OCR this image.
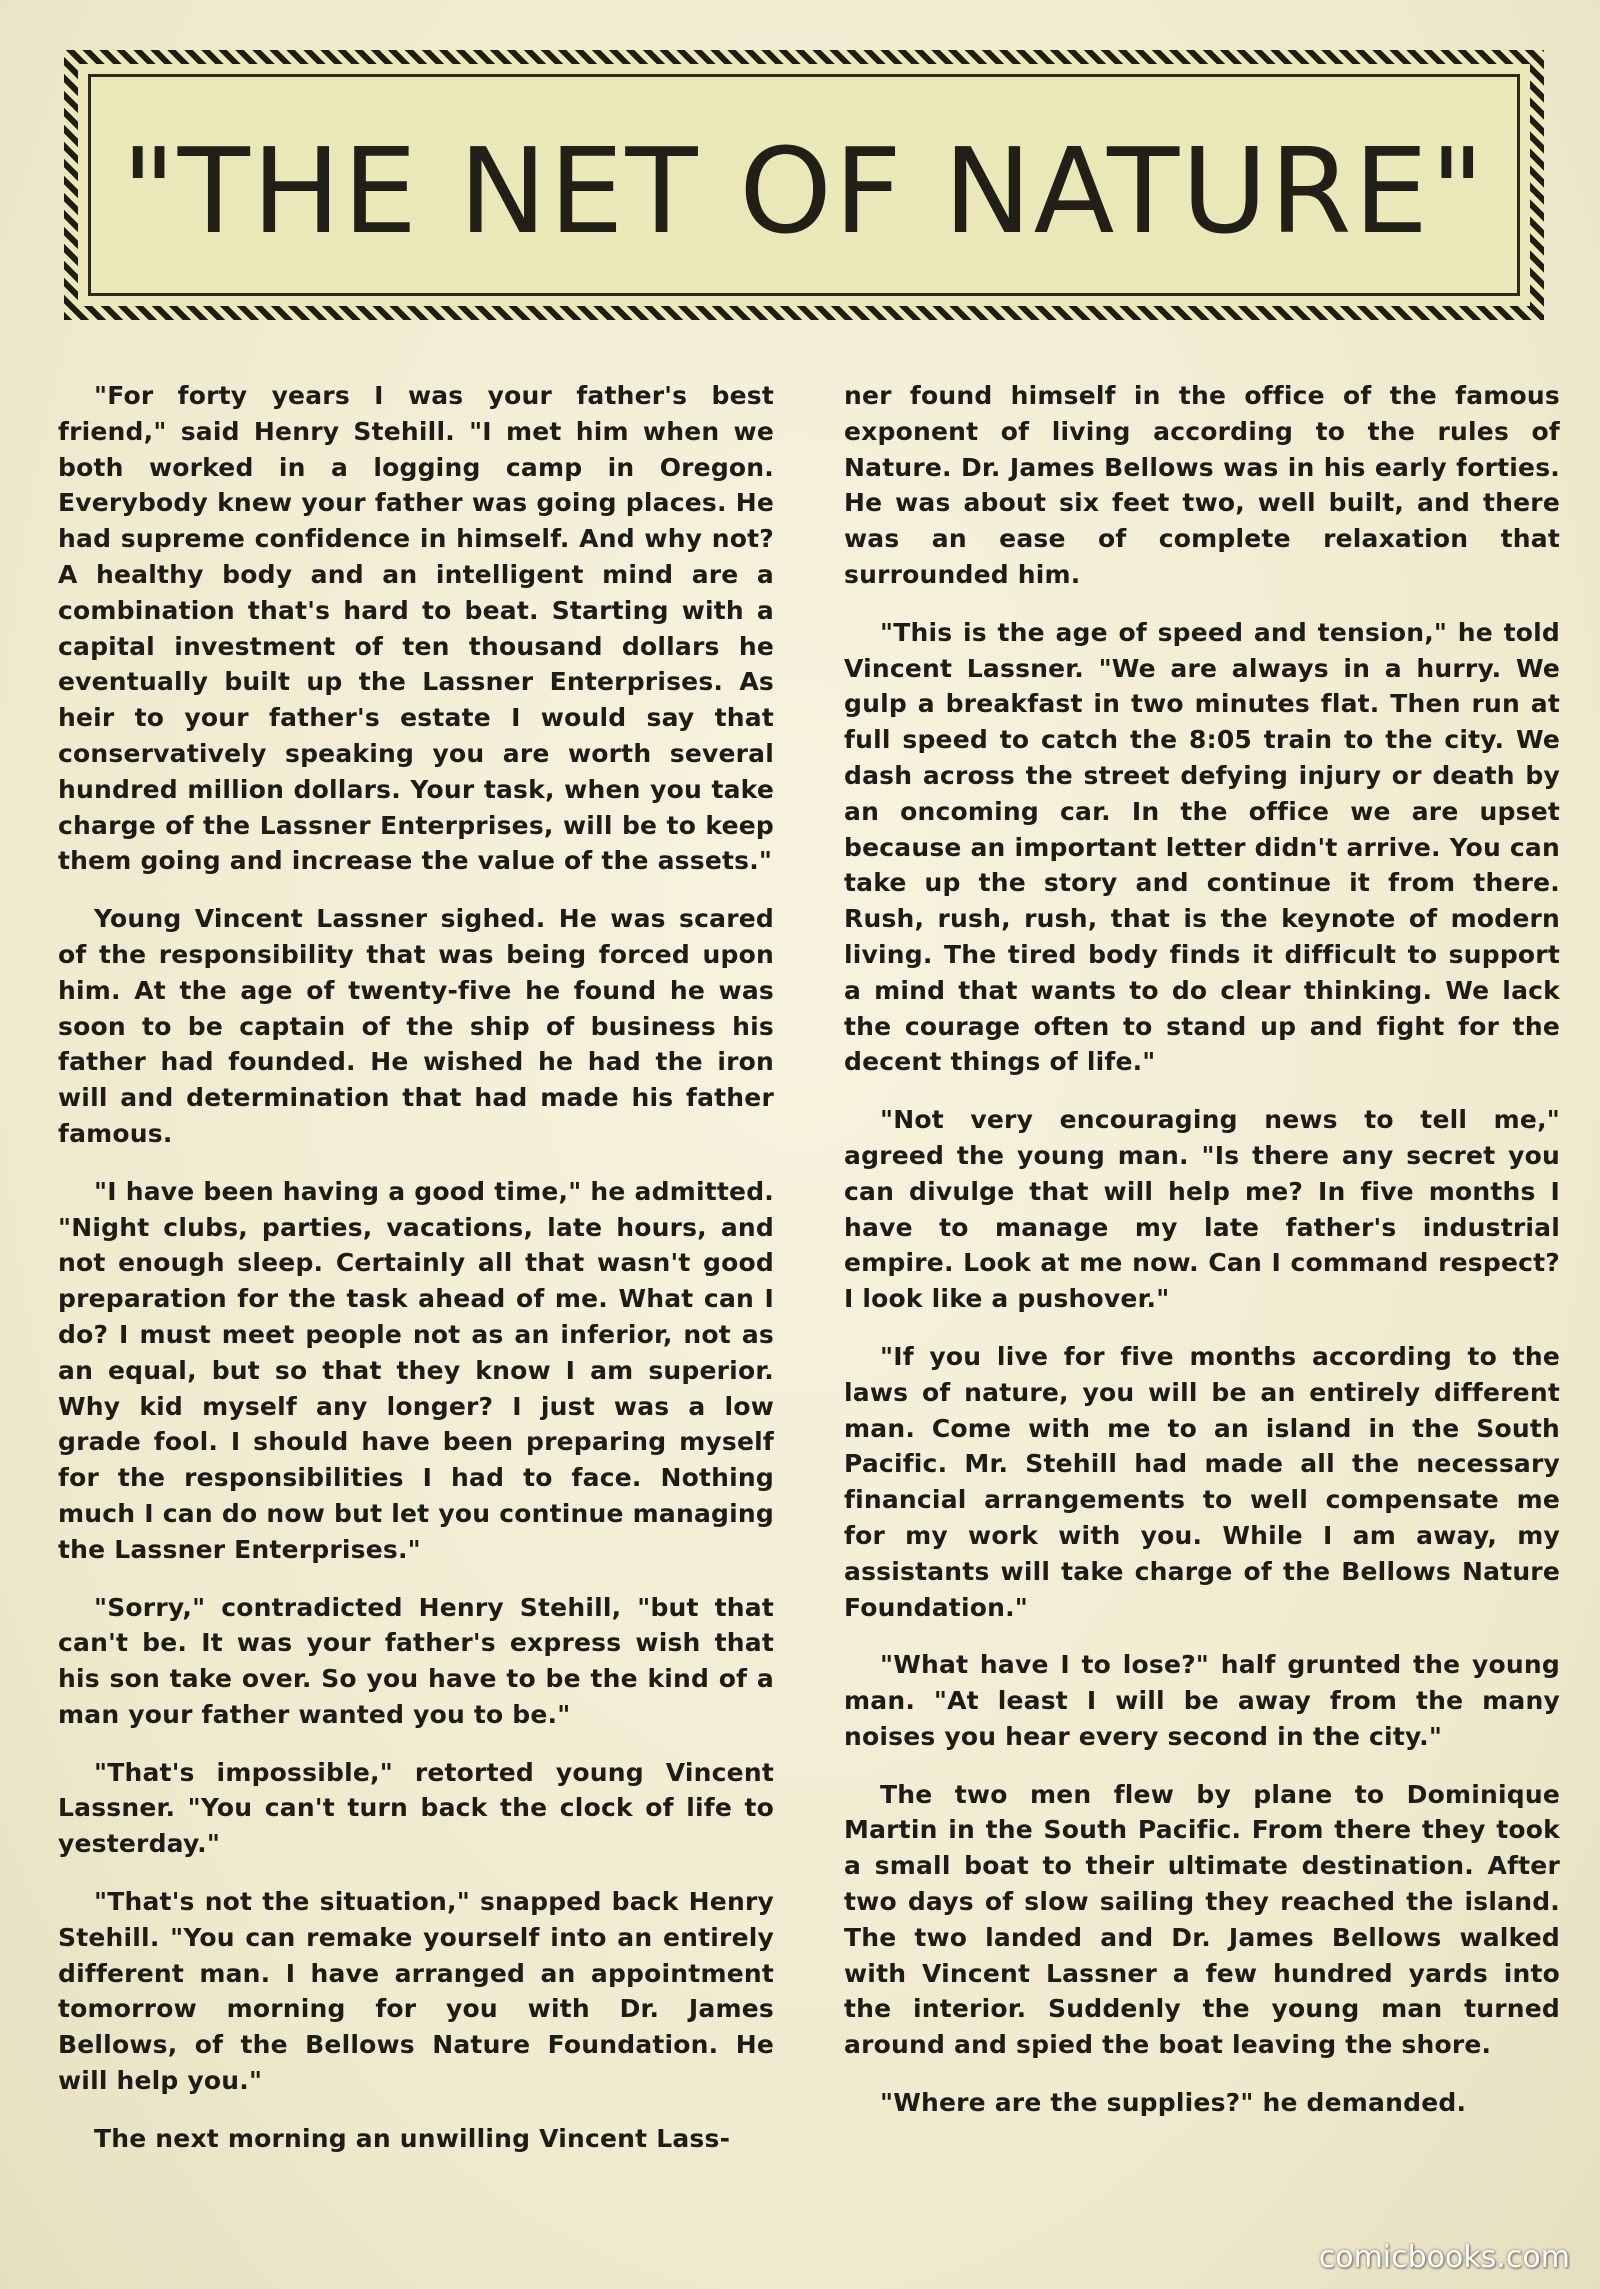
"THE NET OF NATURE"

"For forty years I was your father's best friend," said Henry Stehill. "I met him when we both worked in a logging camp in Oregon. Everybody knew your father was going places. He had supreme confidence in himself. And why not? A healthy body and an intelligent mind are a combination that's hard to beat. Starting with a capital investment of ten thousand dollars he eventually built up the Lassner Enterprises. As heir to your father's estate I would say that conservatively speaking you are worth several hundred million dollars. Your task, when you take charge of the Lassner Enterprises, will be to keep them going and increase the value of the assets."

Young Vincent Lassner sighed. He was scared of the responsibility that was being forced upon him. At the age of twenty-five he found he was soon to be captain of the ship of business his father had founded. He wished he had the iron will and determination that had made his father famous.

"I have been having a good time," he admitted. "Night clubs, parties, vacations, late hours, and not enough sleep. Certainly all that wasn't good preparation for the task ahead of me. What can I do? I must meet people not as an inferior, not as an equal, but so that they know I am superior. Why kid myself any longer? I just was a low grade fool. I should have been preparing myself for the responsibilities I had to face. Nothing much I can do now but let you continue managing the Lassner Enterprises."

"Sorry," contradicted Henry Stehill, "but that can't be. It was your father's express wish that his son take over. So you have to be the kind of a man your father wanted you to be."

"That's impossible," retorted young Vincent Lassner. "You can't turn back the clock of life to yesterday."

"That's not the situation," snapped back Henry Stehill. "You can remake yourself into an entirely different man. I have arranged an appointment tomorrow morning for you with Dr. James Bellows, of the Bellows Nature Foundation. He will help you."

The next morning an unwilling Vincent Lass-

ner found himself in the office of the famous exponent of living according to the rules of Nature. Dr. James Bellows was in his early forties. He was about six feet two, well built, and there was an ease of complete relaxation that surrounded him.

"This is the age of speed and tension," he told Vincent Lassner. "We are always in a hurry. We gulp a breakfast in two minutes flat. Then run at full speed to catch the 8:05 train to the city. We dash across the street defying injury or death by an oncoming car. In the office we are upset because an important letter didn't arrive. You can take up the story and continue it from there. Rush, rush, rush, that is the keynote of modern living. The tired body finds it difficult to support a mind that wants to do clear thinking. We lack the courage often to stand up and fight for the decent things of life."

"Not very encouraging news to tell me," agreed the young man. "Is there any secret you can divulge that will help me? In five months I have to manage my late father's industrial empire. Look at me now. Can I command respect? I look like a pushover."

"If you live for five months according to the laws of nature, you will be an entirely different man. Come with me to an island in the South Pacific. Mr. Stehill had made all the necessary financial arrangements to well compensate me for my work with you. While I am away, my assistants will take charge of the Bellows Nature Foundation."

"What have I to lose?" half grunted the young man. "At least I will be away from the many noises you hear every second in the city."

The two men flew by plane to Dominique Martin in the South Pacific. From there they took a small boat to their ultimate destination. After two days of slow sailing they reached the island. The two landed and Dr. James Bellows walked with Vincent Lassner a few hundred yards into the interior. Suddenly the young man turned around and spied the boat leaving the shore.

"Where are the supplies?" he demanded.

comicbooks.com
